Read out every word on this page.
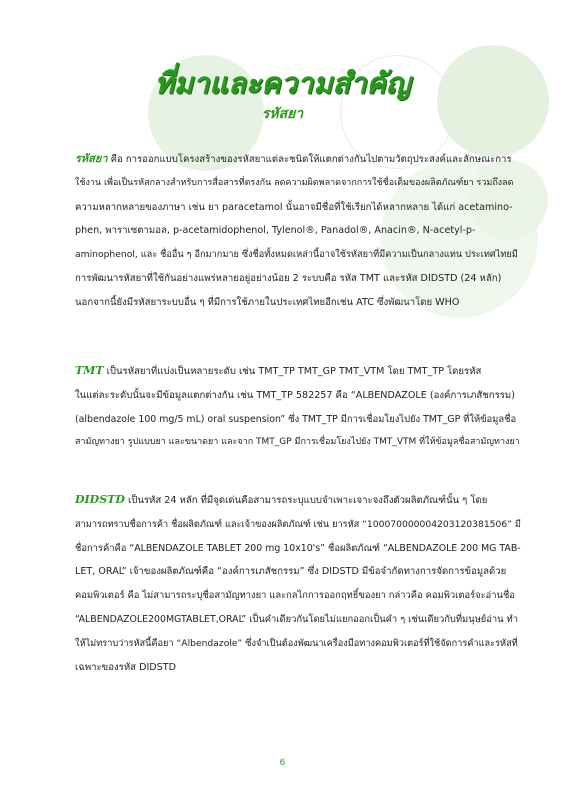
ที่มาและความสำคัญ
รหัสยา
รหัสยา คือ การออกแบบโครงสร้างของรหัสยาแต่ละชนิดให้แตกต่างกันไปตามวัตถุประสงค์และลักษณะการ
ใช้งาน เพื่อเป็นรหัสกลางสำหรับการสื่อสารที่ตรงกัน ลดความผิดพลาดจากการใช้ชื่อเต็มของผลิตภัณฑ์ยา รวมถึงลด
ความหลากหลายของภาษา เช่น ยา paracetamol นั้นอาจมีชื่อที่ใช้เรียกได้หลากหลาย ได้แก่ acetamino-
phen, พาราเซตามอล, p-acetamidophenol, Tylenol®, Panadol®, Anacin®, N-acetyl-p-
aminophenol, และ ชื่ออื่น ๆ อีกมากมาย ซึ่งชื่อทั้งหมดเหล่านี้อาจใช้รหัสยาที่มีความเป็นกลางแทน ประเทศไทยมี
การพัฒนารหัสยาที่ใช้กันอย่างแพร่หลายอยู่อย่างน้อย 2 ระบบคือ รหัส TMT และรหัส DIDSTD (24 หลัก)
นอกจากนี้ยังมีรหัสยาระบบอื่น ๆ ที่มีการใช้ภายในประเทศไทยอีกเช่น ATC ซึ่งพัฒนาโดย WHO
TMT เป็นรหัสยาที่แบ่งเป็นหลายระดับ เช่น TMT_TP TMT_GP TMT_VTM โดย TMT_TP โดยรหัส
ในแต่ละระดับนั้นจะมีข้อมูลแตกต่างกัน เช่น TMT_TP 582257 คือ “ALBENDAZOLE (องค์การเภสัชกรรม)
(albendazole 100 mg/5 mL) oral suspension” ซึ่ง TMT_TP มีการเชื่อมโยงไปยัง TMT_GP ที่ให้ข้อมูลชื่อ
สามัญทางยา รูปแบบยา และขนาดยา และจาก TMT_GP มีการเชื่อมโยงไปยัง TMT_VTM ที่ให้ข้อมูลชื่อสามัญทางยา
DIDSTD เป็นรหัส 24 หลัก ที่มีจุดเด่นคือสามารถระบุแบบจำเพาะเจาะจงถึงตัวผลิตภัณฑ์นั้น ๆ โดย
สามารถทราบชื่อการค้า ชื่อผลิตภัณฑ์ และเจ้าของผลิตภัณฑ์ เช่น ยารหัส “100070000004203120381506” มี
ชื่อการค้าคือ “ALBENDAZOLE TABLET 200 mg 10x10's” ชื่อผลิตภัณฑ์ “ALBENDAZOLE 200 MG TAB-
LET, ORAL” เจ้าของผลิตภัณฑ์คือ “องค์การเภสัชกรรม” ซึ่ง DIDSTD มีข้อจำกัดทางการจัดการข้อมูลด้วย
คอมพิวเตอร์ คือ ไม่สามารถระบุชื่อสามัญทางยา และกลไกการออกฤทธิ์ของยา กล่าวคือ คอมพิวเตอร์จะอ่านชื่อ
“ALBENDAZOLE200MGTABLET,ORAL” เป็นคำเดียวกันโดยไม่แยกออกเป็นคำ ๆ เช่นเดียวกับที่มนุษย์อ่าน ทำ
ให้ไม่ทราบว่ารหัสนี้คือยา “Albendazole” ซึ่งจำเป็นต้องพัฒนาเครื่องมือทางคอมพิวเตอร์ที่ใช้จัดการคำและรหัสที่
เฉพาะของรหัส DIDSTD
6
